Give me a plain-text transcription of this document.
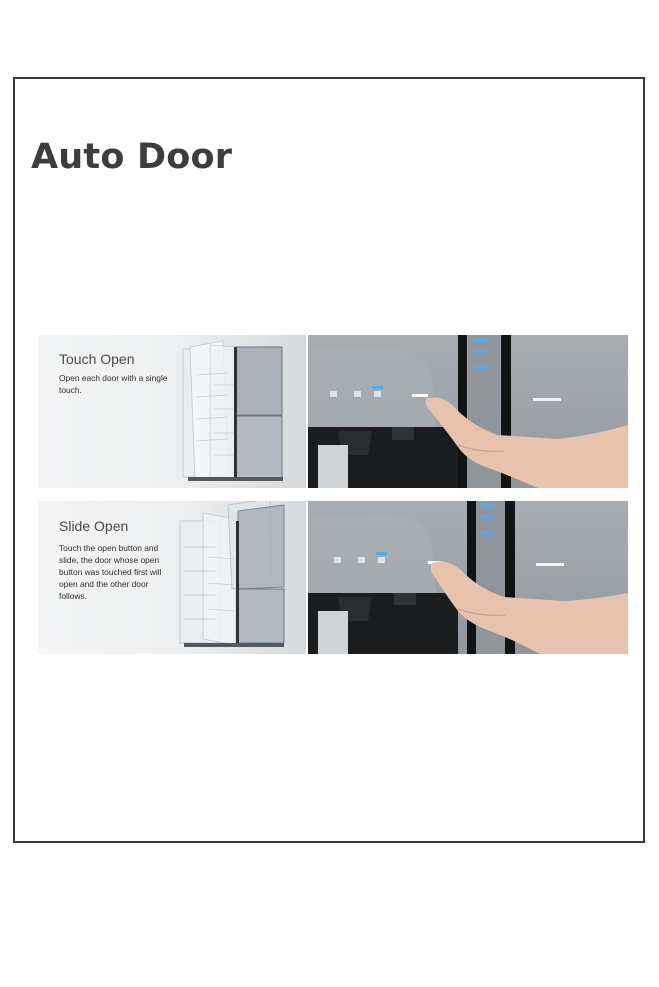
Auto Door
Touch Open
Open each door with a single touch.
Slide Open
Touch the open button and slide, the door whose open button was touched first will open and the other door follows.
